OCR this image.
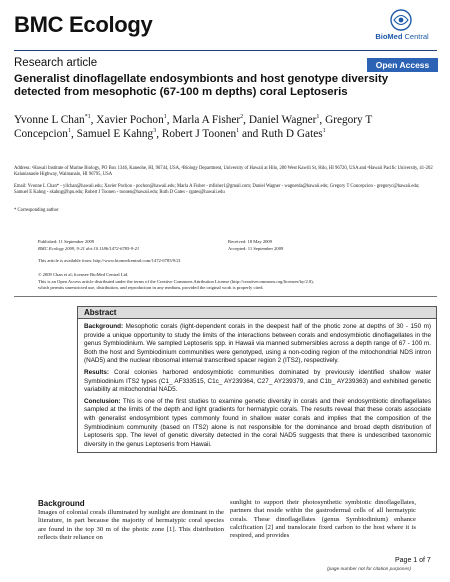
BMC Ecology	BioMed Central
Research article	Open Access
Generalist dinoflagellate endosymbionts and host genotype diversity detected from mesophotic (67-100 m depths) coral Leptoseris
Yvonne L Chan$^{*1}$, Xavier Pochon$^1$, Marla A Fisher$^2$, Daniel Wagner$^1$, Gregory T Concepcion$^1$, Samuel E Kahng$^3$, Robert J Toonen$^1$ and Ruth D Gates$^1$
Address: ¹Hawaii Institute of Marine Biology, PO Box 1346, Kaneohe, HI, 96744, USA, ²Biology Department, University of Hawaii at Hilo, 200 West Kawili St, Hilo, HI 96720, USA and ³Hawaii Pacific University, 41-202 Kalanianaole Highway, Waimanalo, HI 96795, USA
Email: Yvonne L Chan* - yllchan@hawaii.edu; Xavier Pochon - pochon@hawaii.edu; Marla A Fisher - mfisher1@gmail.com; Daniel Wagner - wagnerda@hawaii.edu; Gregory T Concepcion - gregoryc@hawaii.edu; Samuel E Kahng - skahng@hpu.edu; Robert J Toonen - toonen@hawaii.edu; Ruth D Gates - rgates@hawaii.edu
* Corresponding author
Published: 11 September 2009
BMC Ecology 2009, 9:21 doi:10.1186/1472-6785-9-21
Received: 18 May 2009
Accepted: 11 September 2009
This article is available from: http://www.biomedcentral.com/1472-6785/9/21
© 2009 Chan et al; licensee BioMed Central Ltd.
This is an Open Access article distributed under the terms of the Creative Commons Attribution License (http://creativecommons.org/licenses/by/2.0),
which permits unrestricted use, distribution, and reproduction in any medium, provided the original work is properly cited.
Abstract

Background: Mesophotic corals (light-dependent corals in the deepest half of the photic zone at depths of 30 - 150 m) provide a unique opportunity to study the limits of the interactions between corals and endosymbiotic dinoflagellates in the genus Symbiodinium. We sampled Leptoseris spp. in Hawaii via manned submersibles across a depth range of 67 - 100 m. Both the host and Symbiodinium communities were genotyped, using a non-coding region of the mitochondrial NDS intron (NAD5) and the nuclear ribosomal internal transcribed spacer region 2 (ITS2), respectively.

Results: Coral colonies harbored endosymbiotic communities dominated by previously identified shallow water Symbiodinium ITS2 types (C1_ AF333515, C1c_ AY239364, C27_ AY239379, and C1b_ AY239363) and exhibited genetic variability at mitochondrial NAD5.

Conclusion: This is one of the first studies to examine genetic diversity in corals and their endosymbiotic dinoflagellates sampled at the limits of the depth and light gradients for hermatypic corals. The results reveal that these corals associate with generalist endosymbiont types commonly found in shallow water corals and implies that the composition of the Symbiodinium community (based on ITS2) alone is not responsible for the dominance and broad depth distribution of Leptoseris spp. The level of genetic diversity detected in the coral NAD5 suggests that there is undescribed taxonomic diversity in the genus Leptoseris from Hawaii.

Background
Images of colonial corals illuminated by sunlight are dominant in the literature, in part because the majority of hermatypic coral species are found in the top 30 m of the photic zone [1]. This distribution reflects their reliance on
sunlight to support their photosynthetic symbiotic dinoflagellates, partners that reside within the gastrodermal cells of all hermatypic corals. These dinoflagellates (genus Symbiodinium) enhance calcification [2] and translocate fixed carbon to the host where it is respired, and provides
Page 1 of 7
(page number not for citation purposes)
